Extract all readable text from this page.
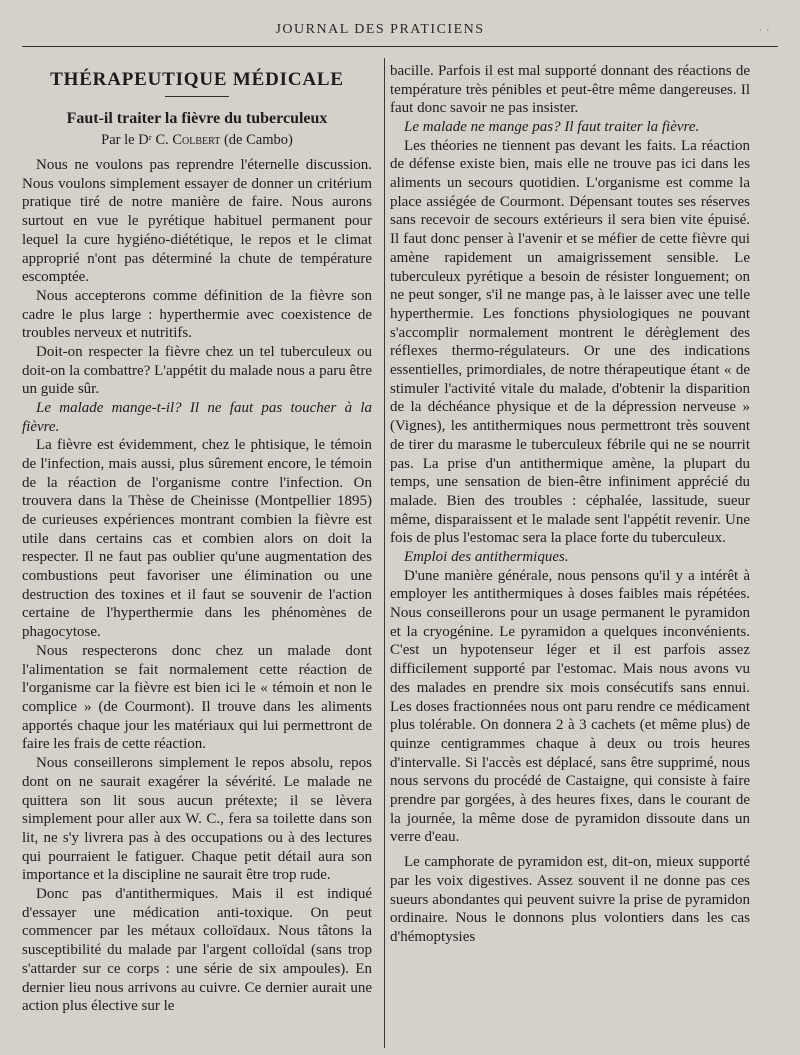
JOURNAL DES PRATICIENS	· ·
THÉRAPEUTIQUE MÉDICALE
Faut-il traiter la fièvre du tuberculeux
Par le Dʳ C. Colbert (de Cambo)

Nous ne voulons pas reprendre l'éternelle discussion. Nous voulons simplement essayer de donner un critérium pratique tiré de notre manière de faire. Nous aurons surtout en vue le pyrétique habituel permanent pour lequel la cure hygiéno-diététique, le repos et le climat approprié n'ont pas déterminé la chute de température escomptée.

Nous accepterons comme définition de la fièvre son cadre le plus large : hyperthermie avec coexistence de troubles nerveux et nutritifs.

Doit-on respecter la fièvre chez un tel tuberculeux ou doit-on la combattre? L'appétit du malade nous a paru être un guide sûr.

Le malade mange-t-il? Il ne faut pas toucher à la fièvre.

La fièvre est évidemment, chez le phtisique, le témoin de l'infection, mais aussi, plus sûrement encore, le témoin de la réaction de l'organisme contre l'infection. On trouvera dans la Thèse de Cheinisse (Montpellier 1895) de curieuses expériences montrant combien la fièvre est utile dans certains cas et combien alors on doit la respecter. Il ne faut pas oublier qu'une augmentation des combustions peut favoriser une élimination ou une destruction des toxines et il faut se souvenir de l'action certaine de l'hyperthermie dans les phénomènes de phagocytose.

Nous respecterons donc chez un malade dont l'alimentation se fait normalement cette réaction de l'organisme car la fièvre est bien ici le « témoin et non le complice » (de Courmont). Il trouve dans les aliments apportés chaque jour les matériaux qui lui permettront de faire les frais de cette réaction.

Nous conseillerons simplement le repos absolu, repos dont on ne saurait exagérer la sévérité. Le malade ne quittera son lit sous aucun prétexte; il se lèvera simplement pour aller aux W. C., fera sa toilette dans son lit, ne s'y livrera pas à des occupations ou à des lectures qui pourraient le fatiguer. Chaque petit détail aura son importance et la discipline ne saurait être trop rude.

Donc pas d'antithermiques. Mais il est indiqué d'essayer une médication anti-toxique. On peut commencer par les métaux colloïdaux. Nous tâtons la susceptibilité du malade par l'argent colloïdal (sans trop s'attarder sur ce corps : une série de six ampoules). En dernier lieu nous arrivons au cuivre. Ce dernier aurait une action plus élective sur le

bacille. Parfois il est mal supporté donnant des réactions de température très pénibles et peut-être même dangereuses. Il faut donc savoir ne pas insister.

Le malade ne mange pas? Il faut traiter la fièvre.

Les théories ne tiennent pas devant les faits. La réaction de défense existe bien, mais elle ne trouve pas ici dans les aliments un secours quotidien. L'organisme est comme la place assiégée de Courmont. Dépensant toutes ses réserves sans recevoir de secours extérieurs il sera bien vite épuisé. Il faut donc penser à l'avenir et se méfier de cette fièvre qui amène rapidement un amaigrissement sensible. Le tuberculeux pyrétique a besoin de résister longuement; on ne peut songer, s'il ne mange pas, à le laisser avec une telle hyperthermie. Les fonctions physiologiques ne pouvant s'accomplir normalement montrent le dérèglement des réflexes thermo-régulateurs. Or une des indications essentielles, primordiales, de notre thérapeutique étant « de stimuler l'activité vitale du malade, d'obtenir la disparition de la déchéance physique et de la dépression nerveuse » (Vignes), les antithermiques nous permettront très souvent de tirer du marasme le tuberculeux fébrile qui ne se nourrit pas. La prise d'un antithermique amène, la plupart du temps, une sensation de bien-être infiniment apprécié du malade. Bien des troubles : céphalée, lassitude, sueur même, disparaissent et le malade sent l'appétit revenir. Une fois de plus l'estomac sera la place forte du tuberculeux.

Emploi des antithermiques.

D'une manière générale, nous pensons qu'il y a intérêt à employer les antithermiques à doses faibles mais répétées. Nous conseillerons pour un usage permanent le pyramidon et la cryogénine. Le pyramidon a quelques inconvénients. C'est un hypotenseur léger et il est parfois assez difficilement supporté par l'estomac. Mais nous avons vu des malades en prendre six mois consécutifs sans ennui. Les doses fractionnées nous ont paru rendre ce médicament plus tolérable. On donnera 2 à 3 cachets (et même plus) de quinze centigrammes chaque à deux ou trois heures d'intervalle. Si l'accès est déplacé, sans être supprimé, nous nous servons du procédé de Castaigne, qui consiste à faire prendre par gorgées, à des heures fixes, dans le courant de la journée, la même dose de pyramidon dissoute dans un verre d'eau.

Le camphorate de pyramidon est, dit-on, mieux supporté par les voix digestives. Assez souvent il ne donne pas ces sueurs abondantes qui peuvent suivre la prise de pyramidon ordinaire. Nous le donnons plus volontiers dans les cas d'hémoptysies
